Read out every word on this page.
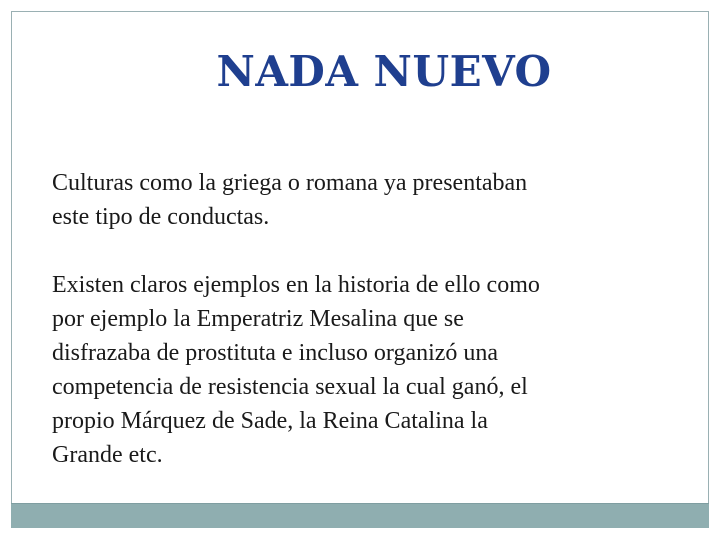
NADA NUEVO

Culturas como la griega o romana ya presentaban
este tipo de conductas.

Existen claros ejemplos en la historia de ello como
por ejemplo la Emperatriz Mesalina que se
disfrazaba de prostituta e incluso organizó una
competencia de resistencia sexual la cual ganó, el
propio Márquez de Sade, la Reina Catalina la
Grande etc.
